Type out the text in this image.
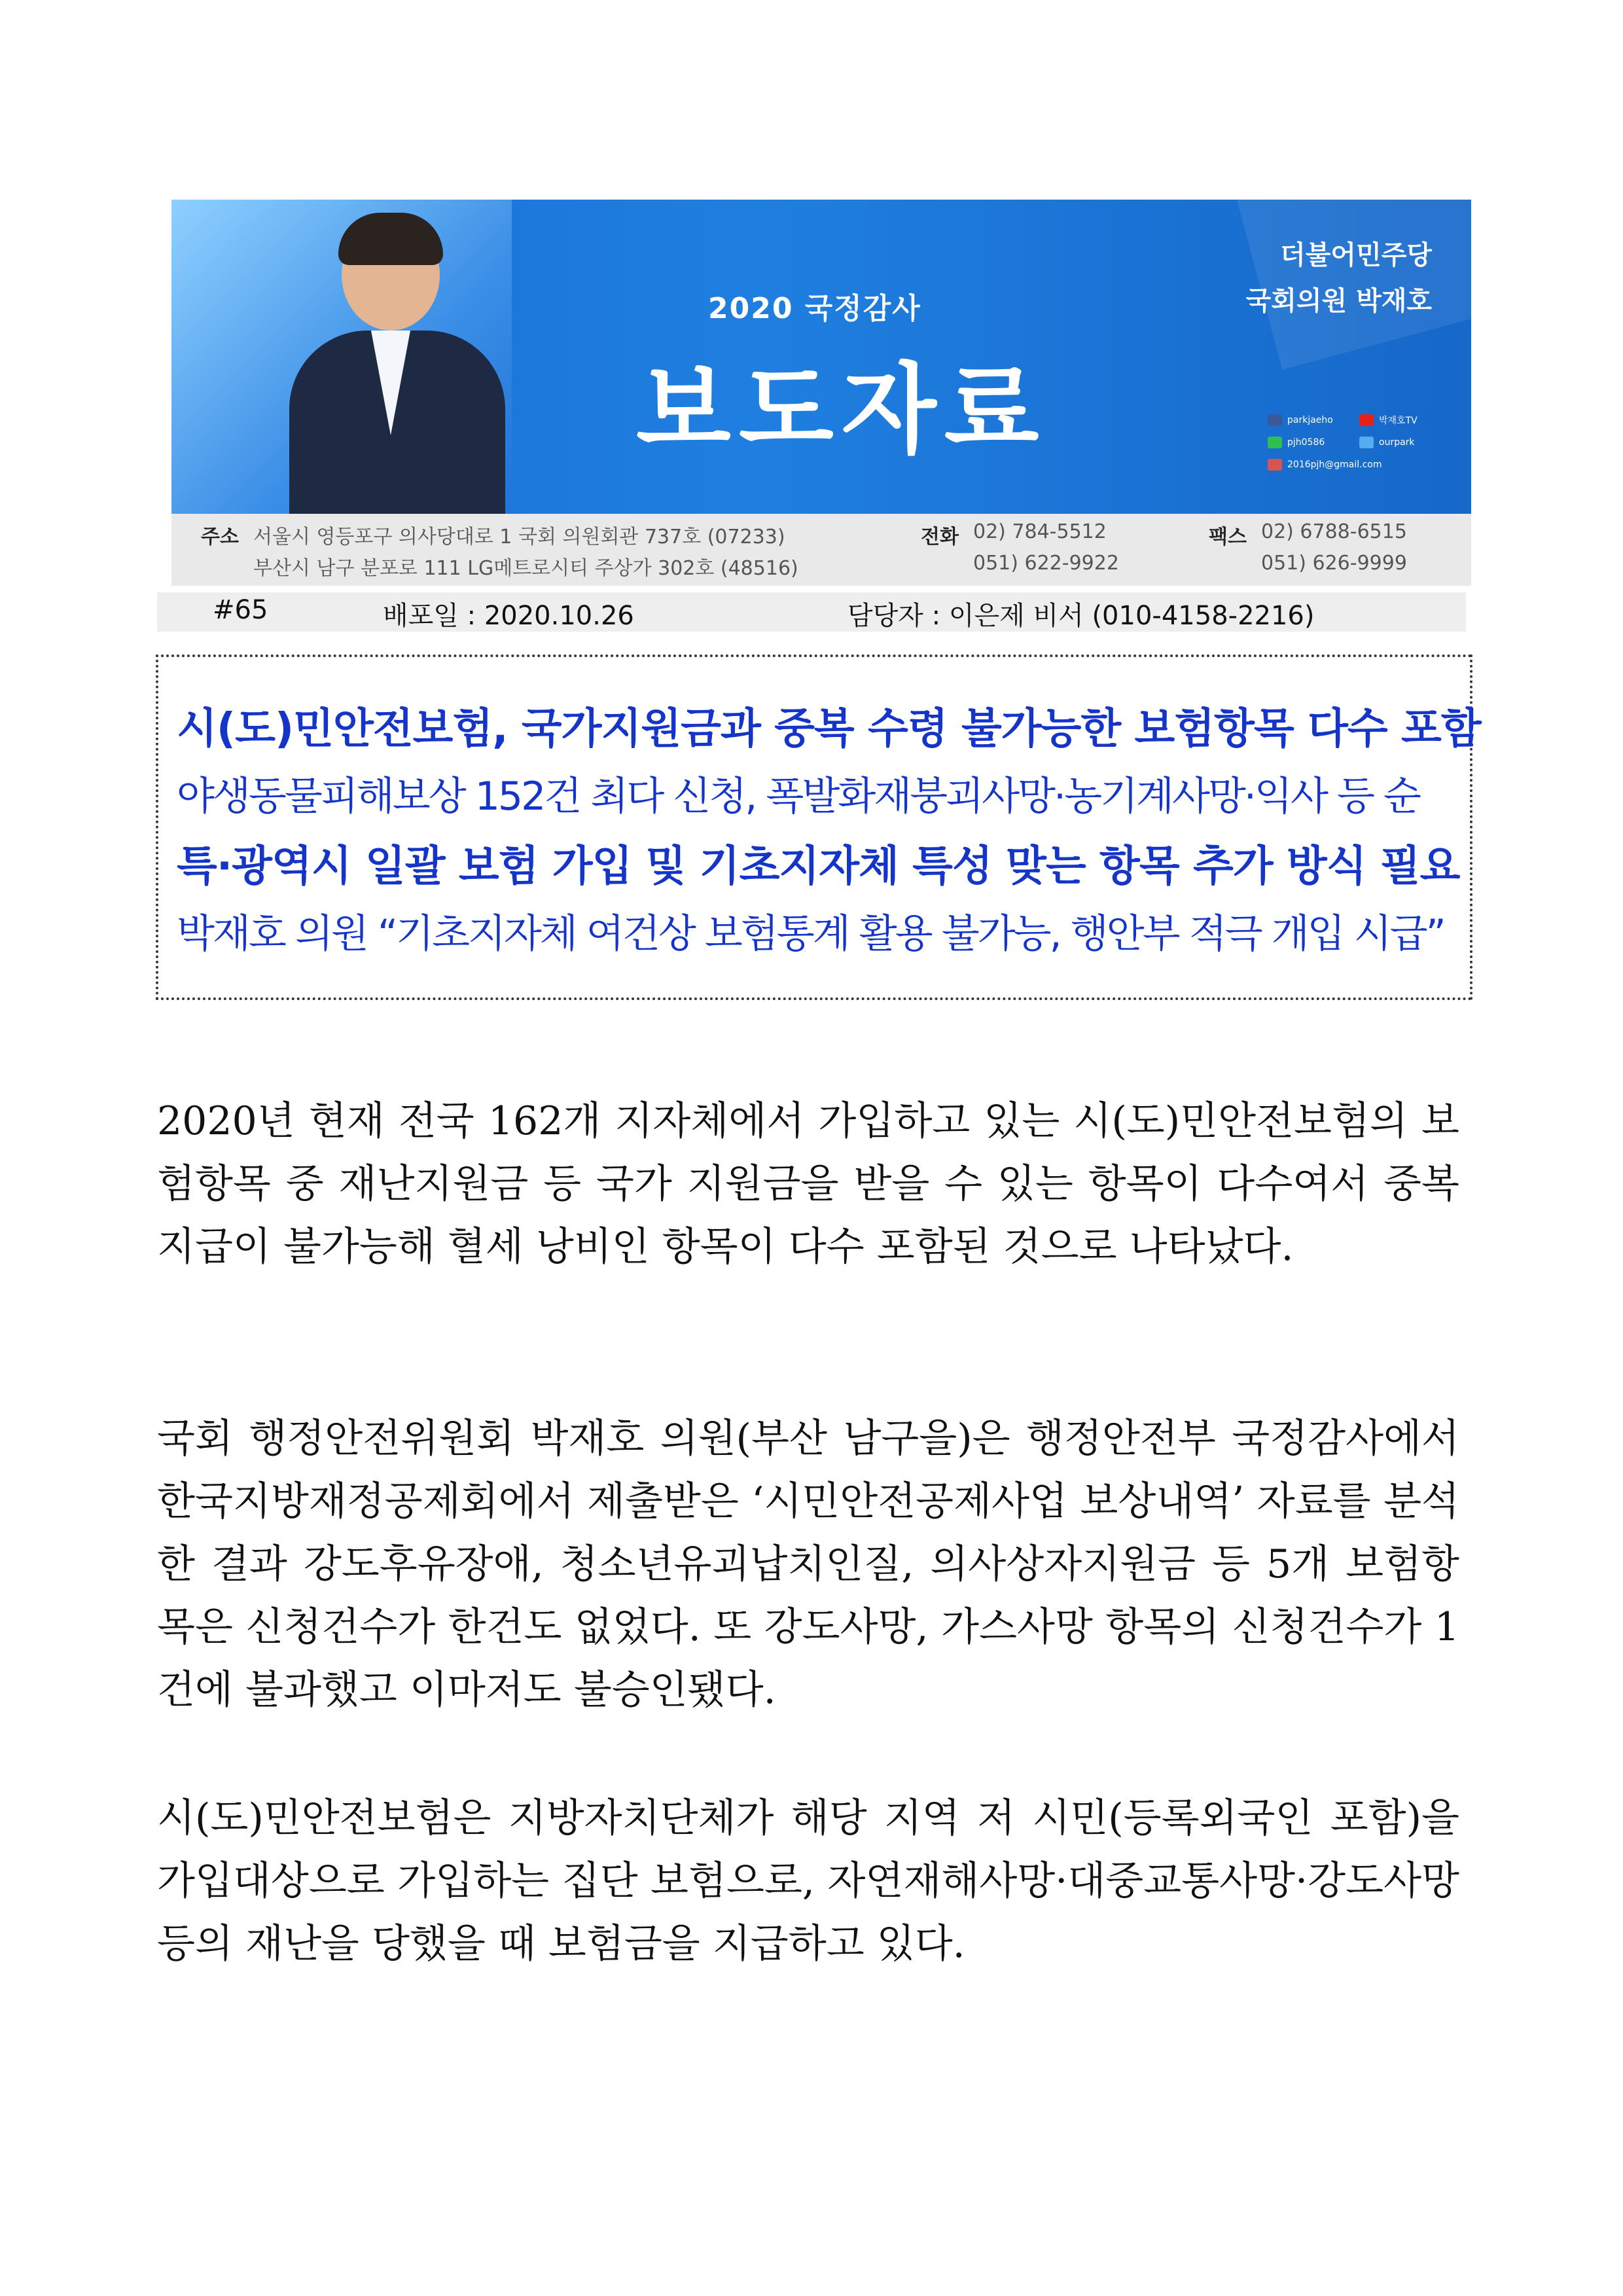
2020 국정감사
보도자료
더불어민주당
국회의원 박재호
parkjaeho	박재호TV
pjh0586	ourpark
2016pjh@gmail.com
주소 서울시 영등포구 의사당대로 1 국회 의원회관 737호 (07233)
부산시 남구 분포로 111 LG메트로시티 주상가 302호 (48516)
전화 02) 784-5512
051) 622-9922
팩스 02) 6788-6515
051) 626-9999
#65	배포일 : 2020.10.26	담당자 : 이은제 비서 (010-4158-2216)
시(도)민안전보험, 국가지원금과 중복 수령 불가능한 보험항목 다수 포함
야생동물피해보상 152건 최다 신청, 폭발화재붕괴사망·농기계사망·익사 등 순
특·광역시 일괄 보험 가입 및 기초지자체 특성 맞는 항목 추가 방식 필요
박재호 의원 “기초지자체 여건상 보험통계 활용 불가능, 행안부 적극 개입 시급”
2020년 현재 전국 162개 지자체에서 가입하고 있는 시(도)민안전보험의 보험항목 중 재난지원금 등 국가 지원금을 받을 수 있는 항목이 다수여서 중복지급이 불가능해 혈세 낭비인 항목이 다수 포함된 것으로 나타났다.
국회 행정안전위원회 박재호 의원(부산 남구을)은 행정안전부 국정감사에서 한국지방재정공제회에서 제출받은 ‘시민안전공제사업 보상내역’ 자료를 분석한 결과 강도후유장애, 청소년유괴납치인질, 의사상자지원금 등 5개 보험항목은 신청건수가 한건도 없었다. 또 강도사망, 가스사망 항목의 신청건수가 1건에 불과했고 이마저도 불승인됐다.
시(도)민안전보험은 지방자치단체가 해당 지역 저 시민(등록외국인 포함)을 가입대상으로 가입하는 집단 보험으로, 자연재해사망·대중교통사망·강도사망 등의 재난을 당했을 때 보험금을 지급하고 있다.
